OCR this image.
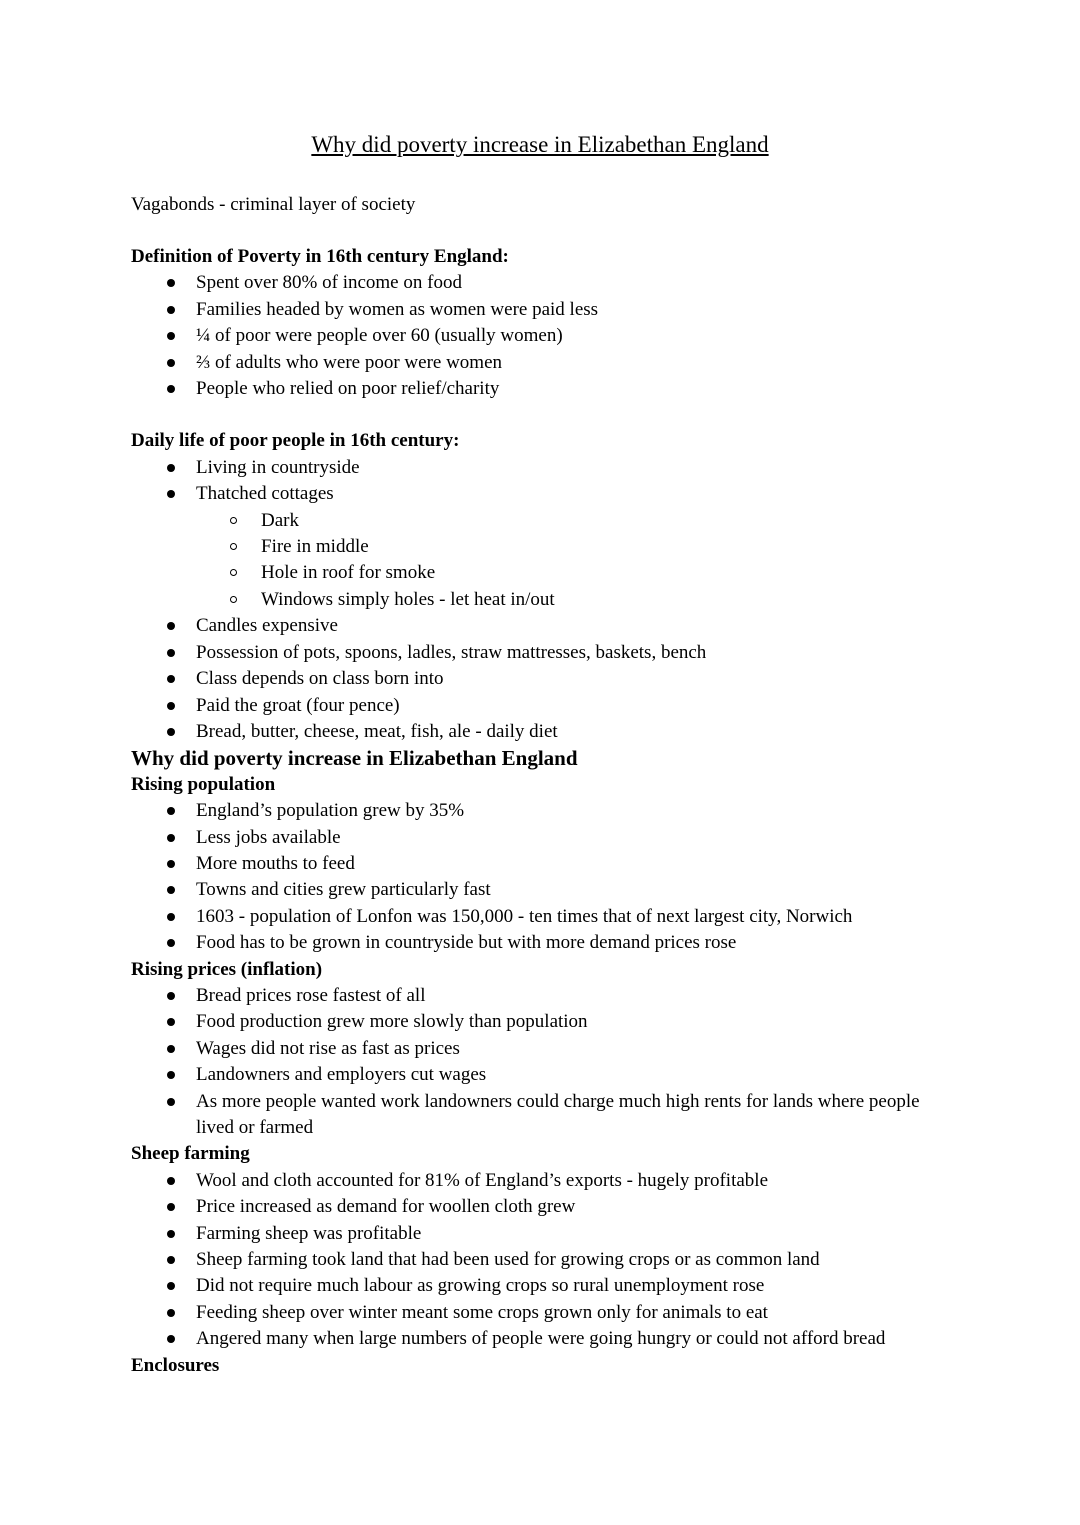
Why did poverty increase in Elizabethan England
Vagabonds - criminal layer of society
Definition of Poverty in 16th century England:
Spent over 80% of income on food
Families headed by women as women were paid less
¼ of poor were people over 60 (usually women)
⅔ of adults who were poor were women
People who relied on poor relief/charity
Daily life of poor people in 16th century:
Living in countryside
Thatched cottages
Dark
Fire in middle
Hole in roof for smoke
Windows simply holes - let heat in/out
Candles expensive
Possession of pots, spoons, ladles, straw mattresses, baskets, bench
Class depends on class born into
Paid the groat (four pence)
Bread, butter, cheese, meat, fish, ale - daily diet
Why did poverty increase in Elizabethan England
Rising population
England’s population grew by 35%
Less jobs available
More mouths to feed
Towns and cities grew particularly fast
1603 - population of Lonfon was 150,000 - ten times that of next largest city, Norwich
Food has to be grown in countryside but with more demand prices rose
Rising prices (inflation)
Bread prices rose fastest of all
Food production grew more slowly than population
Wages did not rise as fast as prices
Landowners and employers cut wages
As more people wanted work landowners could charge much high rents for lands where people lived or farmed
Sheep farming
Wool and cloth accounted for 81% of England’s exports - hugely profitable
Price increased as demand for woollen cloth grew
Farming sheep was profitable
Sheep farming took land that had been used for growing crops or as common land
Did not require much labour as growing crops so rural unemployment rose
Feeding sheep over winter meant some crops grown only for animals to eat
Angered many when large numbers of people were going hungry or could not afford bread
Enclosures
